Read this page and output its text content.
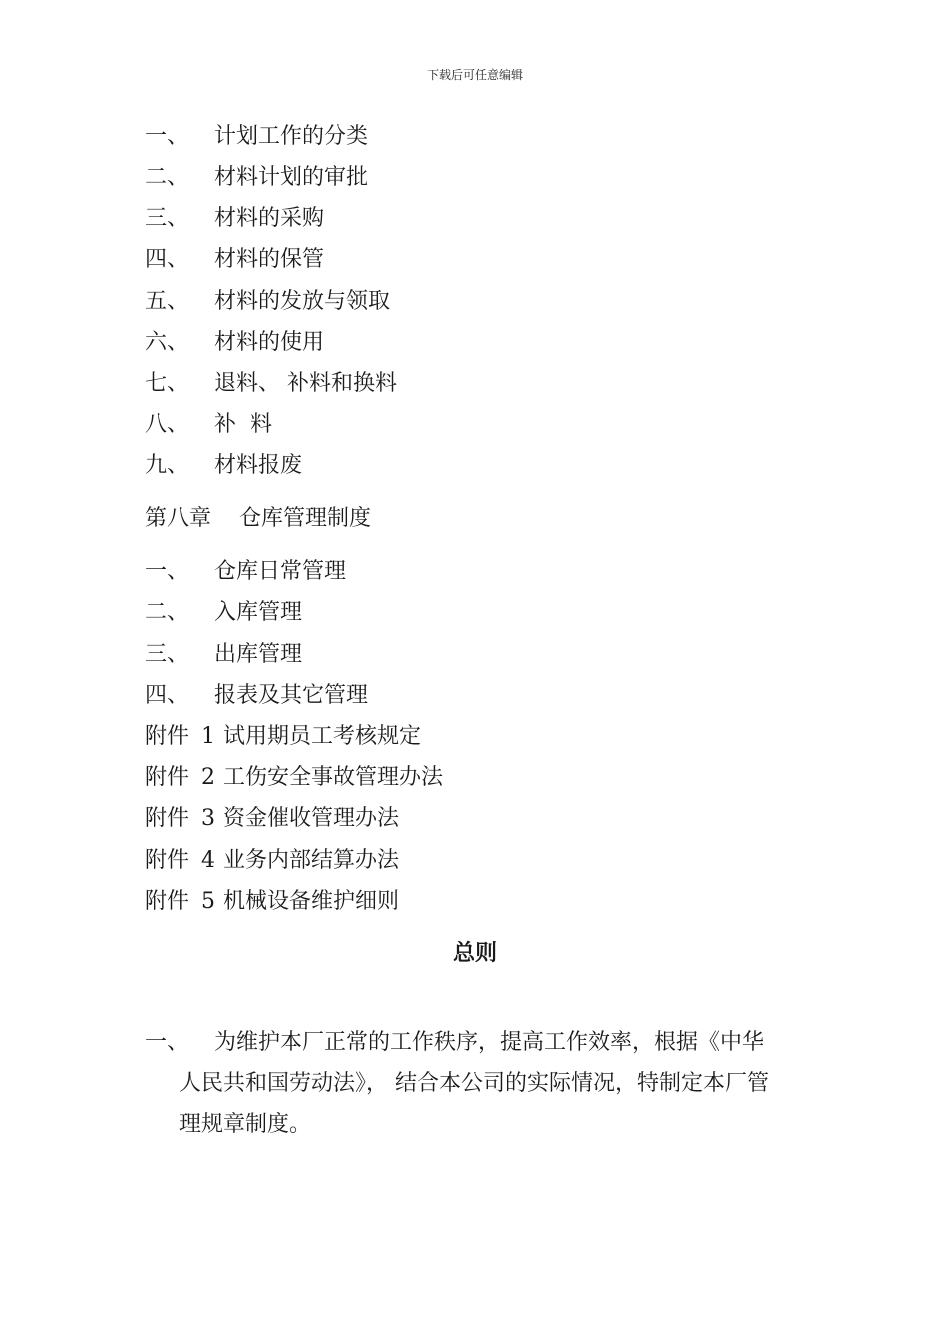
下载后可任意编辑
一、 计划工作的分类
二、 材料计划的审批
三、 材料的采购
四、 材料的保管
五、 材料的发放与领取
六、 材料的使用
七、 退料、 补料和换料
八、 补  料
九、 材料报废
第八章    仓库管理制度
一、 仓库日常管理
二、 入库管理
三、 出库管理
四、 报表及其它管理
附件 1 试用期员工考核规定
附件 2 工伤安全事故管理办法
附件 3 资金催收管理办法
附件 4 业务内部结算办法
附件 5 机械设备维护细则
总则
一、 为维护本厂正常的工作秩序，提高工作效率，根据《中华
人民共和国劳动法》， 结合本公司的实际情况，特制定本厂管
理规章制度。
